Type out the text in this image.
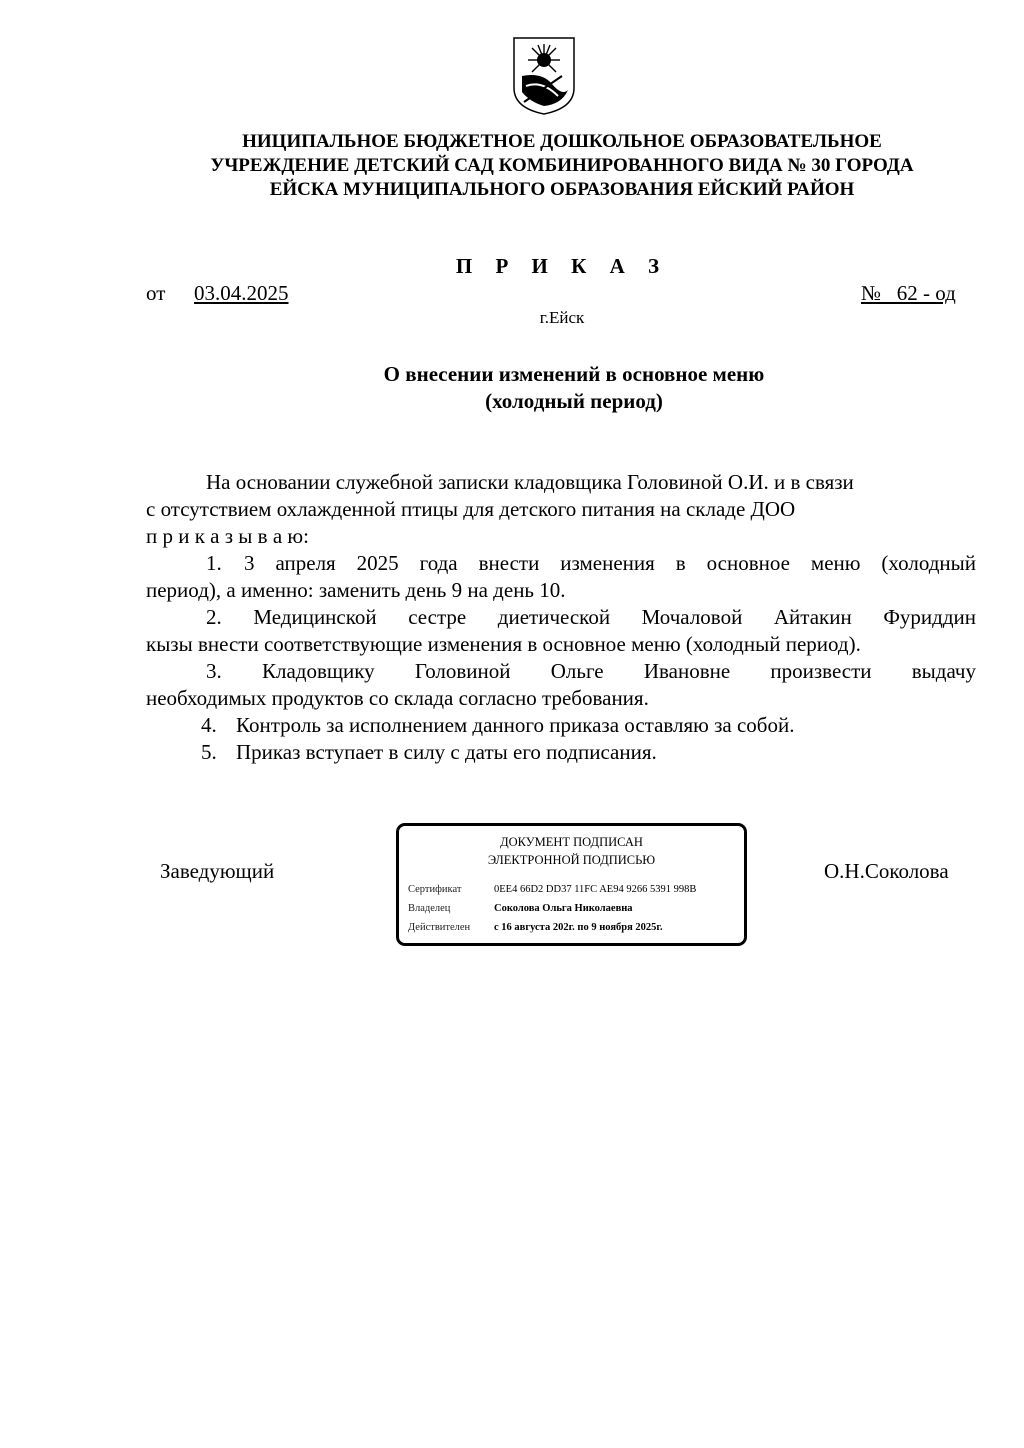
НИЦИПАЛЬНОЕ БЮДЖЕТНОЕ ДОШКОЛЬНОЕ ОБРАЗОВАТЕЛЬНОЕ
УЧРЕЖДЕНИЕ ДЕТСКИЙ САД КОМБИНИРОВАННОГО ВИДА № 30 ГОРОДА
ЕЙСКА МУНИЦИПАЛЬНОГО ОБРАЗОВАНИЯ ЕЙСКИЙ РАЙОН
П Р И К А З
от 03.04.2025	№   62 - од
г.Ейск
О внесении изменений в основное меню
(холодный период)
На основании служебной записки кладовщика Головиной О.И. и в связи
с отсутствием охлажденной птицы для детского питания на складе ДОО
п р и к а з ы в а ю:
1. 3 апреля 2025 года внести изменения в основное меню (холодный
период), а именно: заменить день 9 на день 10.
2. Медицинской сестре диетической Мочаловой Айтакин Фуриддин
кызы внести соответствующие изменения в основное меню (холодный период).
3. Кладовщику Головиной Ольге Ивановне произвести выдачу
необходимых продуктов со склада согласно требования.
4. Контроль за исполнением данного приказа оставляю за собой.
5. Приказ вступает в силу с даты его подписания.
Заведующий	О.Н.Соколова
ДОКУМЕНТ ПОДПИСАН
ЭЛЕКТРОННОЙ ПОДПИСЬЮ
Сертификат	0EE4 66D2 DD37 11FC AE94 9266 5391 998B
Владелец	Соколова Ольга Николаевна
Действителен с 16 августа 202г. по 9 ноября 2025г.
